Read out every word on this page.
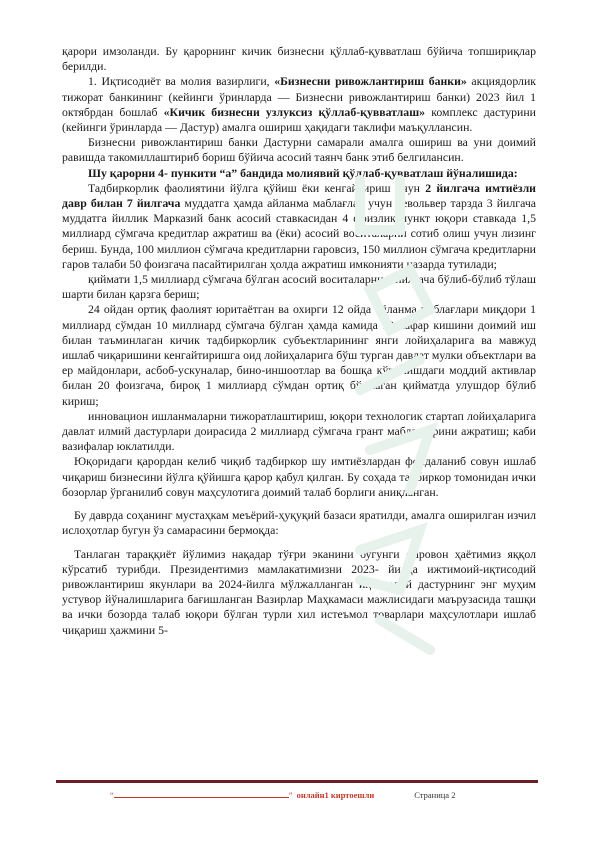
қарори имзоланди. Бу қарорнинг кичик бизнесни қўллаб-қувватлаш бўйича топшириқлар берилди.

1. Иқтисодиёт ва молия вазирлиги, «Бизнесни ривожлантириш банки» акциядорлик тижорат банкининг (кейинги ўринларда — Бизнесни ривожлантириш банки) 2023 йил 1 октябрдан бошлаб «Кичик бизнесни узлуксиз қўллаб-қувватлаш» комплекс дастурини (кейинги ўринларда — Дастур) амалга ошириш ҳақидаги таклифи маъқуллансин.

Бизнесни ривожлантириш банки Дастурни самарали амалга ошириш ва уни доимий равишда такомиллаштириб бориш бўйича асосий таянч банк этиб белгилансин.

Шу қарорни 4- пункити “а” бандида молиявий қўллаб-қувватлаш йўналишида:

Тадбиркорлик фаолиятини йўлга қўйиш ёки кенгайтириш учун 2 йилгача имтиёзли давр билан 7 йилгача муддатга ҳамда айланма маблағлар учун револьвер тарзда 3 йилгача муддатга йиллик Марказий банк асосий ставкасидан 4 фоизлик пункт юқори ставкада 1,5 миллиард сўмгача кредитлар ажратиш ва (ёки) асосий воситаларни сотиб олиш учун лизинг бериш. Бунда, 100 миллион сўмгача кредитларни гаровсиз, 150 миллион сўмгача кредитларни гаров талаби 50 фоизгача пасайтирилган ҳолда ажратиш имконияти назарда тутилади;

қиймати 1,5 миллиард сўмгача бўлган асосий воситаларни 7 йилгача бўлиб-бўлиб тўлаш шарти билан қарзга бериш;

24 ойдан ортиқ фаолият юритаётган ва охирги 12 ойда айланма маблағлари миқдори 1 миллиард сўмдан 10 миллиард сўмгача бўлган ҳамда камида 10 нафар кишини доимий иш билан таъминлаган кичик тадбиркорлик субъектларининг янги лойиҳаларига ва мавжуд ишлаб чиқаришини кенгайтиришга оид лойиҳаларига бўш турган давлат мулки объектлари ва ер майдонлари, асбоб-ускуналар, бино-иншоотлар ва бошқа кўринишдаги моддий активлар билан 20 фоизгача, бироқ 1 миллиард сўмдан ортиқ бўлмаган қийматда улушдор бўлиб кириш;

инновацион ишланмаларни тижоратлаштириш, юқори технологик стартап лойиҳаларига давлат илмий дастурлари доирасида 2 миллиард сўмгача грант маблағларини ажратиш; каби вазифалар юклатилди.

Юқоридаги қарордан келиб чиқиб тадбиркор шу имтиёзлардан фойдаланиб совун ишлаб чиқариш бизнесини йўлга қўйишга қарор қабул қилган. Бу соҳада тадбиркор томонидан ички бозорлар ўрганилиб совун маҳсулотига доимий талаб борлиги аниқланган.

Бу даврда соҳанинг мустаҳкам меъёрий-ҳуқуқий базаси яратилди, амалга оширилган изчил ислоҳотлар бугун ўз самарасини бермоқда:

Танлаган тараққиёт йўлимиз нақадар тўғри эканини бугунги фаровон ҳаётимиз яққол кўрсатиб турибди. Президентимиз мамлакатимизни 2023- йилда ижтимоий-иқтисодий ривожлантириш якунлари ва 2024-йилга мўлжалланган иқтисодий дастурнинг энг муҳим устувор йўналишларига бағишланган Вазирлар Маҳкамаси мажлисидаги маърузасида ташқи ва ички бозорда талаб юқори бўлган турли хил истеъмол товарлари маҳсулотлари ишлаб чиқариш ҳажмини 5-

“	” онлайн1 киртоешли	Страница 2
